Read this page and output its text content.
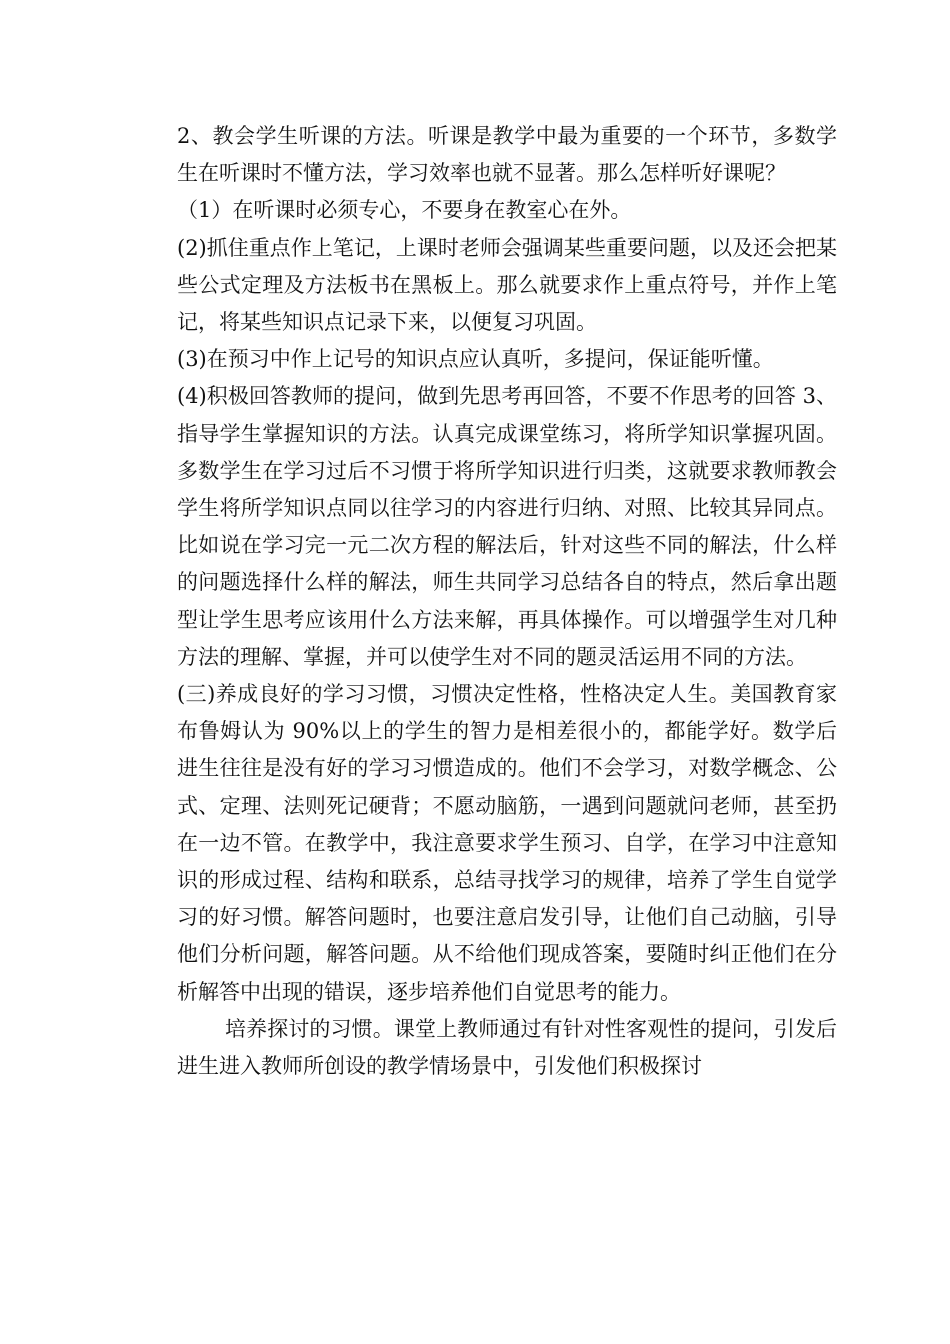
2、教会学生听课的方法。听课是教学中最为重要的一个环节，多数学生在听课时不懂方法，学习效率也就不显著。那么怎样听好课呢？

（1）在听课时必须专心，不要身在教室心在外。

(2)抓住重点作上笔记，上课时老师会强调某些重要问题，以及还会把某些公式定理及方法板书在黑板上。那么就要求作上重点符号，并作上笔记，将某些知识点记录下来，以便复习巩固。

(3)在预习中作上记号的知识点应认真听，多提问，保证能听懂。

(4)积极回答教师的提问，做到先思考再回答，不要不作思考的回答 3、指导学生掌握知识的方法。认真完成课堂练习，将所学知识掌握巩固。多数学生在学习过后不习惯于将所学知识进行归类，这就要求教师教会学生将所学知识点同以往学习的内容进行归纳、对照、比较其异同点。比如说在学习完一元二次方程的解法后，针对这些不同的解法，什么样的问题选择什么样的解法，师生共同学习总结各自的特点，然后拿出题型让学生思考应该用什么方法来解，再具体操作。可以增强学生对几种方法的理解、掌握，并可以使学生对不同的题灵活运用不同的方法。

(三)养成良好的学习习惯，习惯决定性格，性格决定人生。美国教育家布鲁姆认为 90%以上的学生的智力是相差很小的，都能学好。数学后进生往往是没有好的学习习惯造成的。他们不会学习，对数学概念、公式、定理、法则死记硬背；不愿动脑筋，一遇到问题就问老师，甚至扔在一边不管。在教学中，我注意要求学生预习、自学，在学习中注意知识的形成过程、结构和联系，总结寻找学习的规律，培养了学生自觉学习的好习惯。解答问题时，也要注意启发引导，让他们自己动脑，引导他们分析问题，解答问题。从不给他们现成答案，要随时纠正他们在分析解答中出现的错误，逐步培养他们自觉思考的能力。

培养探讨的习惯。课堂上教师通过有针对性客观性的提问，引发后进生进入教师所创设的教学情场景中，引发他们积极探讨
